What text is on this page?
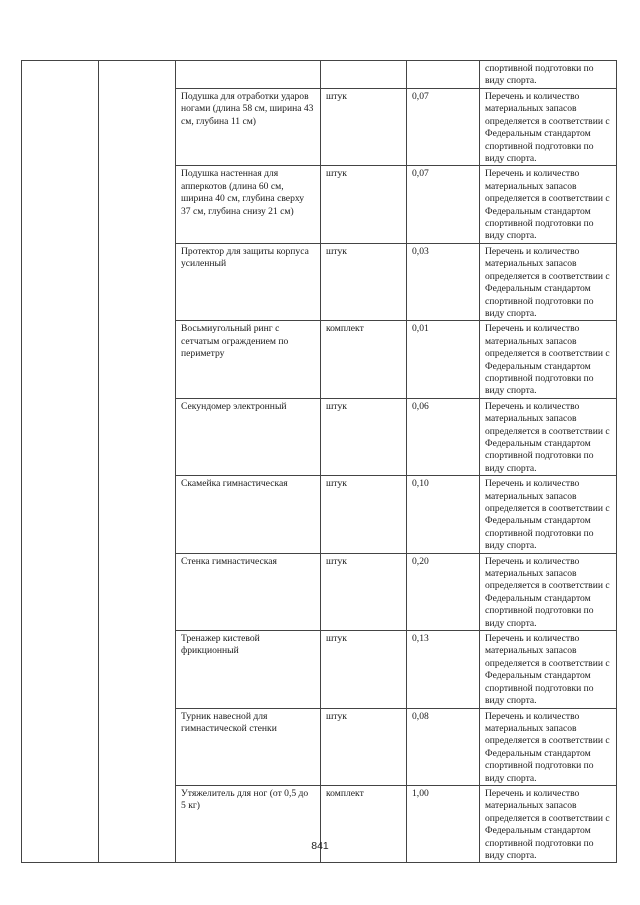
					спортивной подготовки по виду спорта.
		Подушка для отработки ударов ногами (длина 58 см, ширина 43 см, глубина 11 см)	штук	0,07	Перечень и количество материальных запасов определяется в соответствии с Федеральным стандартом спортивной подготовки по виду спорта.
		Подушка настенная для апперкотов (длина 60 см, ширина 40 см, глубина сверху 37 см, глубина снизу 21 см)	штук	0,07	Перечень и количество материальных запасов определяется в соответствии с Федеральным стандартом спортивной подготовки по виду спорта.
		Протектор для защиты корпуса усиленный	штук	0,03	Перечень и количество материальных запасов определяется в соответствии с Федеральным стандартом спортивной подготовки по виду спорта.
		Восьмиугольный ринг с сетчатым ограждением по периметру	комплект	0,01	Перечень и количество материальных запасов определяется в соответствии с Федеральным стандартом спортивной подготовки по виду спорта.
		Секундомер электронный	штук	0,06	Перечень и количество материальных запасов определяется в соответствии с Федеральным стандартом спортивной подготовки по виду спорта.
		Скамейка гимнастическая	штук	0,10	Перечень и количество материальных запасов определяется в соответствии с Федеральным стандартом спортивной подготовки по виду спорта.
		Стенка гимнастическая	штук	0,20	Перечень и количество материальных запасов определяется в соответствии с Федеральным стандартом спортивной подготовки по виду спорта.
		Тренажер кистевой фрикционный	штук	0,13	Перечень и количество материальных запасов определяется в соответствии с Федеральным стандартом спортивной подготовки по виду спорта.
		Турник навесной для гимнастической стенки	штук	0,08	Перечень и количество материальных запасов определяется в соответствии с Федеральным стандартом спортивной подготовки по виду спорта.
		Утяжелитель для ног (от 0,5 до 5 кг)	комплект	1,00	Перечень и количество материальных запасов определяется в соответствии с Федеральным стандартом спортивной подготовки по виду спорта.
841
